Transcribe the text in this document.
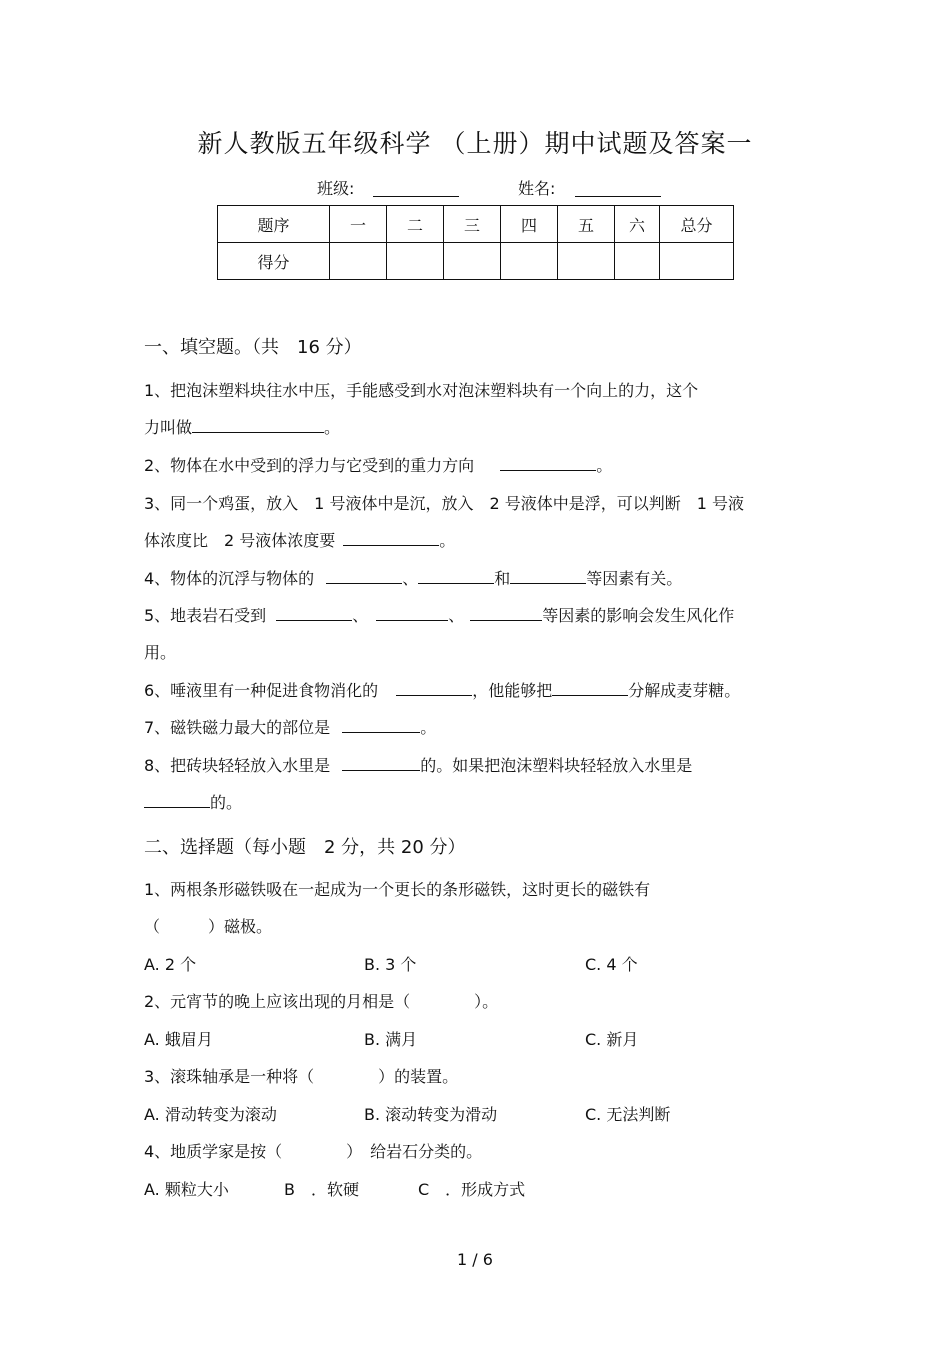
新人教版五年级科学 （上册）期中试题及答案一
班级:	姓名:
题序	一	二	三	四	五	六	总分
得分							
一、填空题。（共　16 分）
1、把泡沫塑料块往水中压，手能感受到水对泡沫塑料块有一个向上的力，这个
力叫做	。
2、物体在水中受到的浮力与它受到的重力方向	。
3、同一个鸡蛋，放入　1 号液体中是沉，放入　2 号液体中是浮，可以判断　1 号液
体浓度比　2 号液体浓度要	。
4、物体的沉浮与物体的	、	和	等因素有关。
5、地表岩石受到	、	、	等因素的影响会发生风化作
用。
6、唾液里有一种促进食物消化的	，他能够把	分解成麦芽糖。
7、磁铁磁力最大的部位是	。
8、把砖块轻轻放入水里是	的。如果把泡沫塑料块轻轻放入水里是
的。
二、选择题（每小题　2 分，共 20 分）
1、两根条形磁铁吸在一起成为一个更长的条形磁铁，这时更长的磁铁有
（　　　）磁极。
A. 2 个	B. 3 个	C. 4 个
2、元宵节的晚上应该出现的月相是（　　　　）。
A. 蛾眉月	B. 满月	C. 新月
3、滚珠轴承是一种将（　　　　）的装置。
A. 滑动转变为滚动	B. 滚动转变为滑动	C. 无法判断
4、地质学家是按（　　　　）　给岩石分类的。
A. 颗粒大小	B　．软硬	C　．形成方式
1 / 6
